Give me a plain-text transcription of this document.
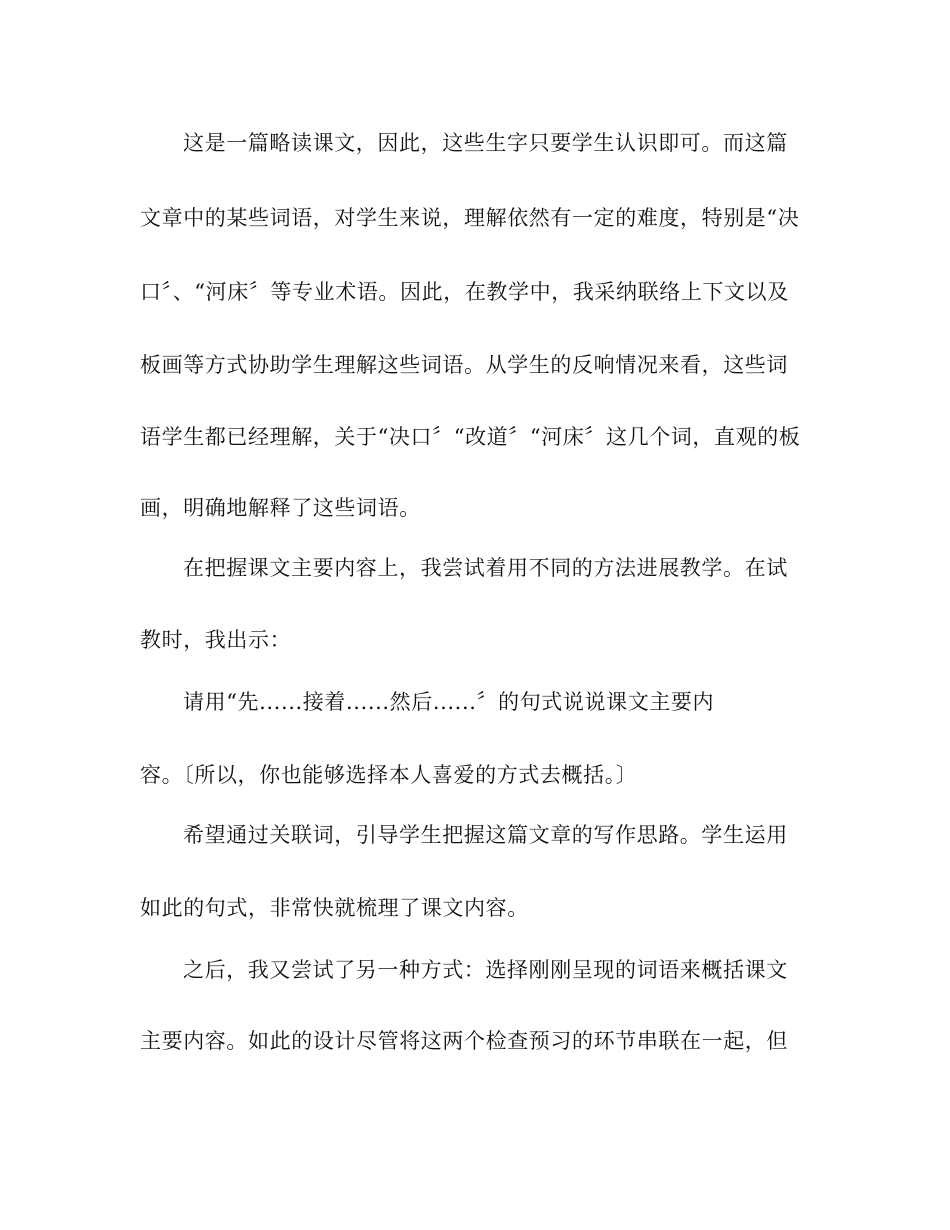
这是一篇略读课文，因此，这些生字只要学生认识即可。而这篇
文章中的某些词语，对学生来说，理解依然有一定的难度，特别是“决
口〞、“河床〞等专业术语。因此，在教学中，我采纳联络上下文以及
板画等方式协助学生理解这些词语。从学生的反响情况来看，这些词
语学生都已经理解，关于“决口〞“改道〞“河床〞这几个词，直观的板
画，明确地解释了这些词语。
在把握课文主要内容上，我尝试着用不同的方法进展教学。在试
教时，我出示：
请用“先......接着......然后......〞的句式说说课文主要内
容。〔所以，你也能够选择本人喜爱的方式去概括。〕
希望通过关联词，引导学生把握这篇文章的写作思路。学生运用
如此的句式，非常快就梳理了课文内容。
之后，我又尝试了另一种方式：选择刚刚呈现的词语来概括课文
主要内容。如此的设计尽管将这两个检查预习的环节串联在一起，但
